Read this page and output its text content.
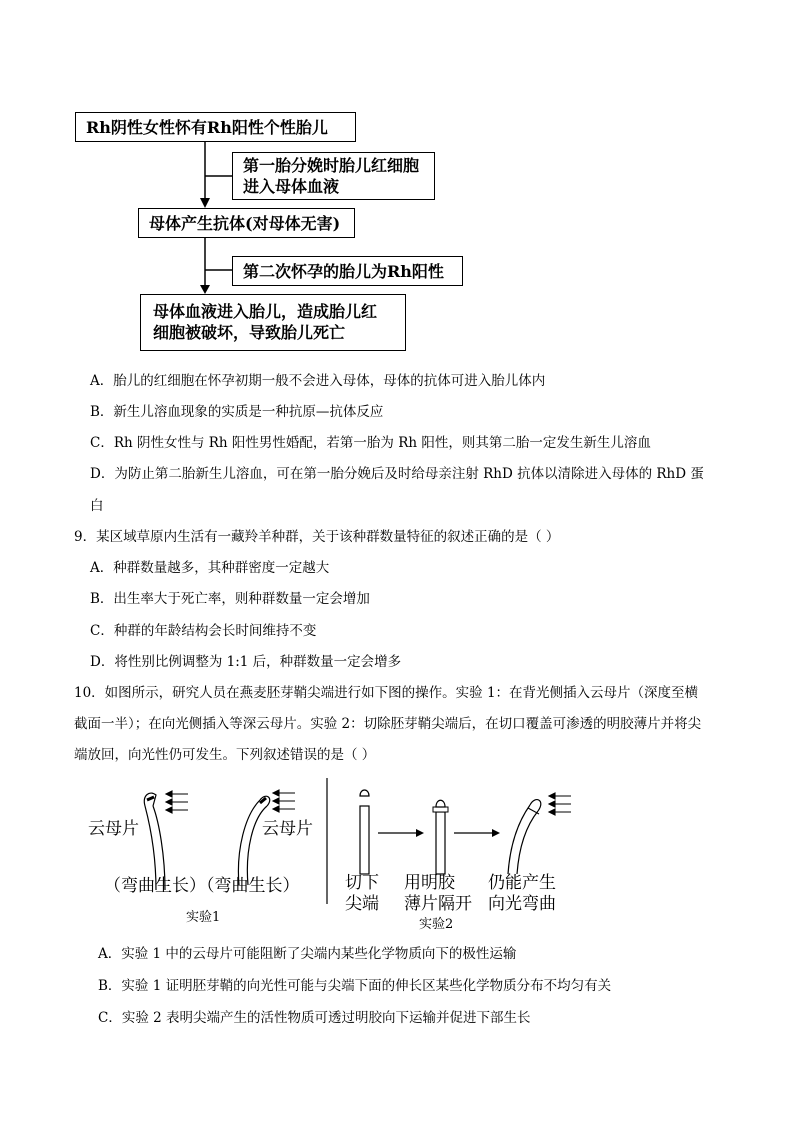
Rh阴性女性怀有Rh阳性个性胎儿
第一胎分娩时胎儿红细胞
进入母体血液
母体产生抗体(对母体无害)
第二次怀孕的胎儿为Rh阳性
母体血液进入胎儿，造成胎儿红
细胞被破坏，导致胎儿死亡
A．胎儿的红细胞在怀孕初期一般不会进入母体，母体的抗体可进入胎儿体内
B．新生儿溶血现象的实质是一种抗原—抗体反应
C．Rh 阴性女性与 Rh 阳性男性婚配，若第一胎为 Rh 阳性，则其第二胎一定发生新生儿溶血
D．为防止第二胎新生儿溶血，可在第一胎分娩后及时给母亲注射 RhD 抗体以清除进入母体的 RhD 蛋
白
9．某区域草原内生活有一藏羚羊种群，关于该种群数量特征的叙述正确的是（ ）
A．种群数量越多，其种群密度一定越大
B．出生率大于死亡率，则种群数量一定会增加
C．种群的年龄结构会长时间维持不变
D．将性别比例调整为 1:1 后，种群数量一定会增多
10．如图所示，研究人员在燕麦胚芽鞘尖端进行如下图的操作。实验 1：在背光侧插入云母片（深度至横
截面一半）；在向光侧插入等深云母片。实验 2：切除胚芽鞘尖端后，在切口覆盖可渗透的明胶薄片并将尖
端放回，向光性仍可发生。下列叙述错误的是（ ）
云母片	云母片
（弯曲生长）（弯曲生长）
实验1
切下
尖端
用明胶
薄片隔开
仍能产生
向光弯曲
实验2
A．实验 1 中的云母片可能阻断了尖端内某些化学物质向下的极性运输
B．实验 1 证明胚芽鞘的向光性可能与尖端下面的伸长区某些化学物质分布不均匀有关
C．实验 2 表明尖端产生的活性物质可透过明胶向下运输并促进下部生长
